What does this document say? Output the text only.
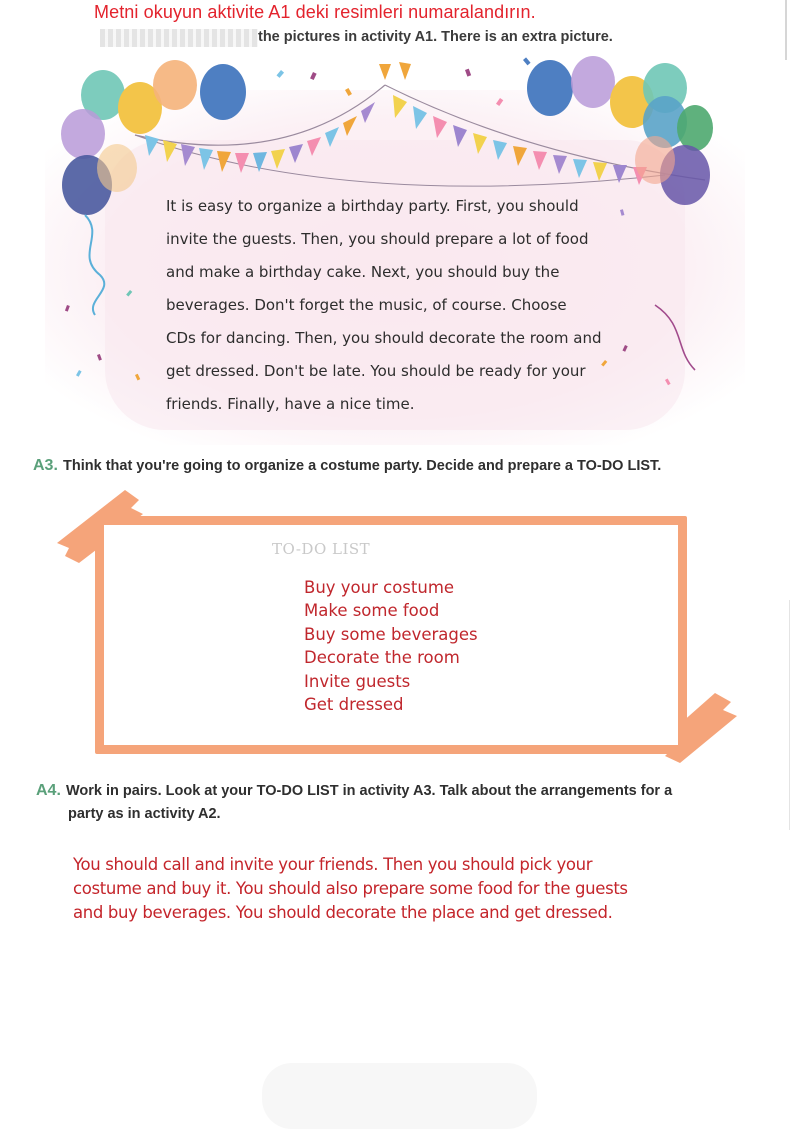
Metni okuyun aktivite A1 deki resimleri numaralandırın.
the pictures in activity A1. There is an extra picture.
It is easy to organize a birthday party. First, you should
invite the guests. Then, you should prepare a lot of food
and make a birthday cake. Next, you should buy the
beverages. Don't forget the music, of course. Choose
CDs for dancing. Then, you should decorate the room and
get dressed. Don't be late. You should be ready for your
friends. Finally, have a nice time.
A3. Think that you're going to organize a costume party. Decide and prepare a TO-DO LIST.
TO-DO LIST
Buy your costume
Make some food
Buy some beverages
Decorate the room
Invite guests
Get dressed
A4. Work in pairs. Look at your TO-DO LIST in activity A3. Talk about the arrangements for a
party as in activity A2.
You should call and invite your friends. Then you should pick your
costume and buy it. You should also prepare some food for the guests
and buy beverages. You should decorate the place and get dressed.
